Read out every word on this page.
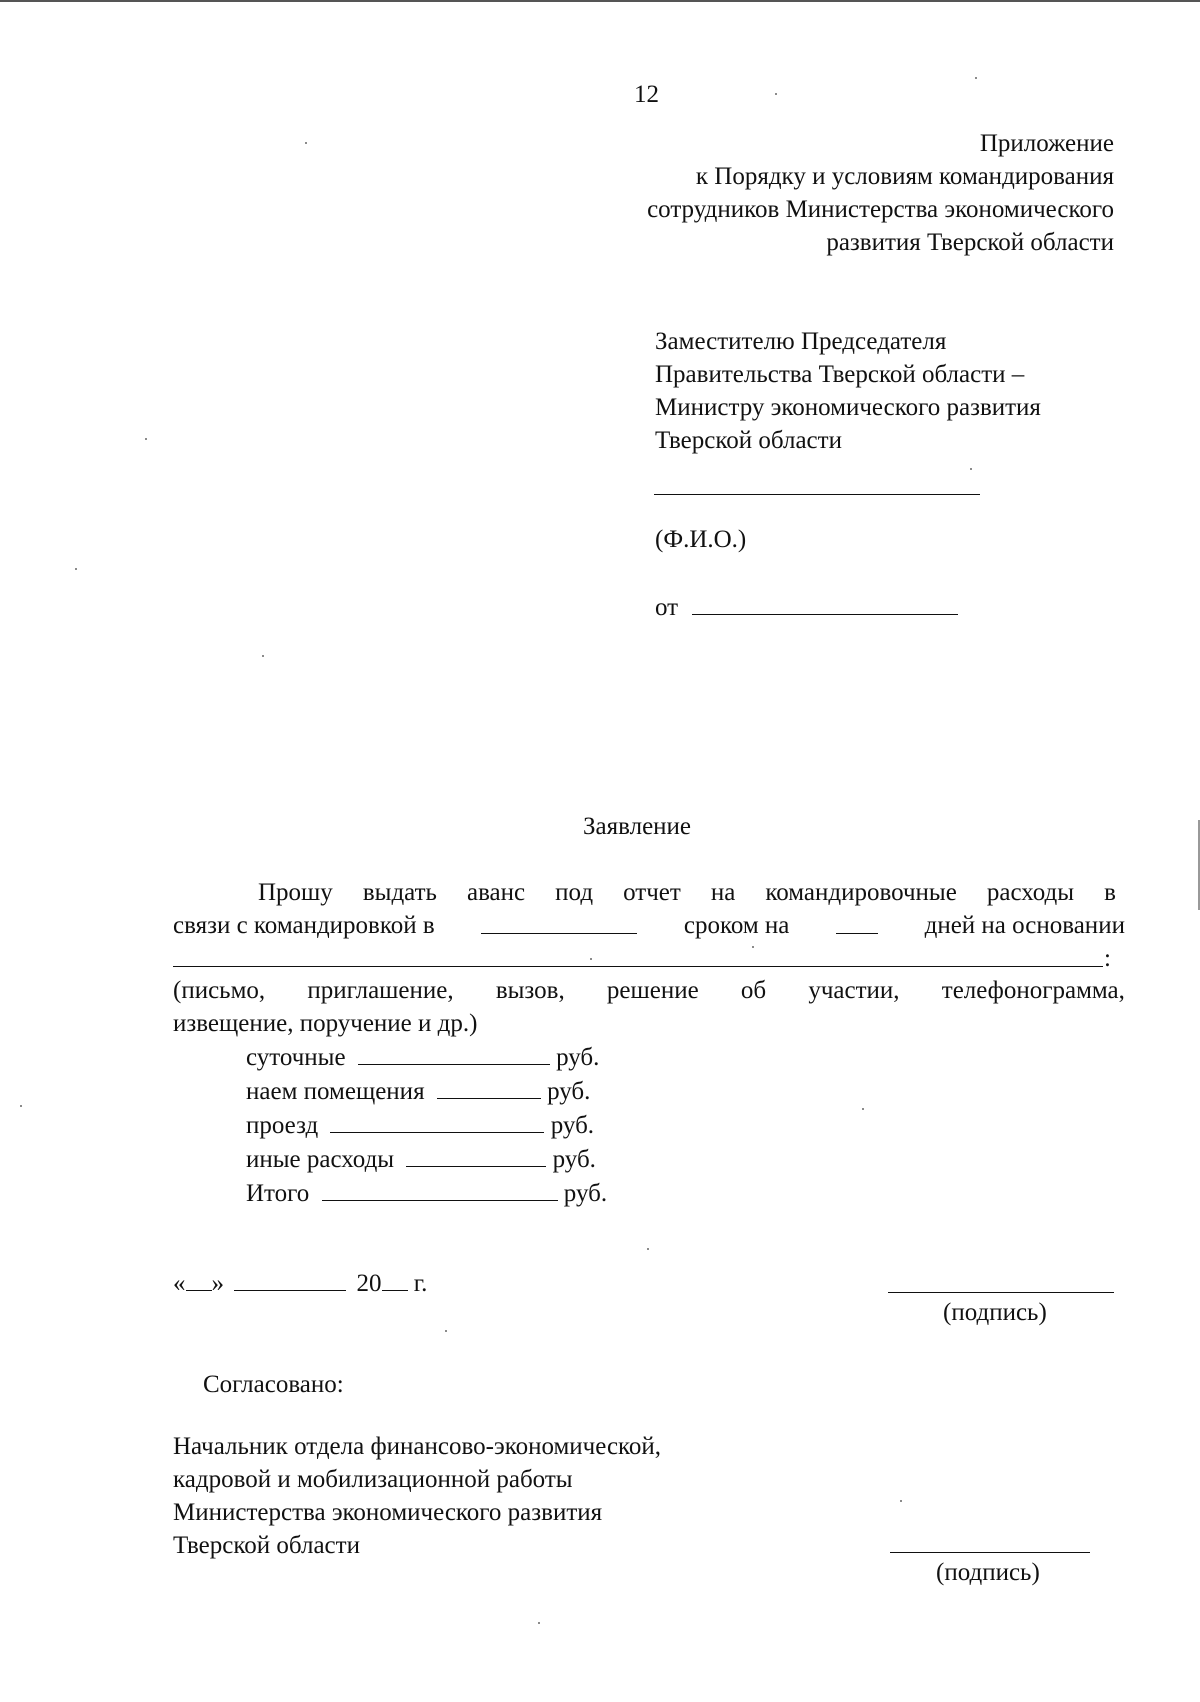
12
Приложение
к Порядку и условиям командирования
сотрудников Министерства экономического
развития Тверской области
Заместителю Председателя
Правительства Тверской области –
Министру экономического развития
Тверской области
(Ф.И.О.)
от
Заявление
Прошу выдать аванс под отчет на командировочные расходы в
связи с командировкой в	сроком на	дней на основании
:
(письмо, приглашение, вызов, решение об участии, телефонограмма,
извещение, поручение и др.)
суточные	руб.
наем помещения	руб.
проезд	руб.
иные расходы	руб.
Итого	руб.
« »	20 г.
(подпись)
Согласовано:
Начальник отдела финансово-экономической,
кадровой и мобилизационной работы
Министерства экономического развития
Тверской области
(подпись)
